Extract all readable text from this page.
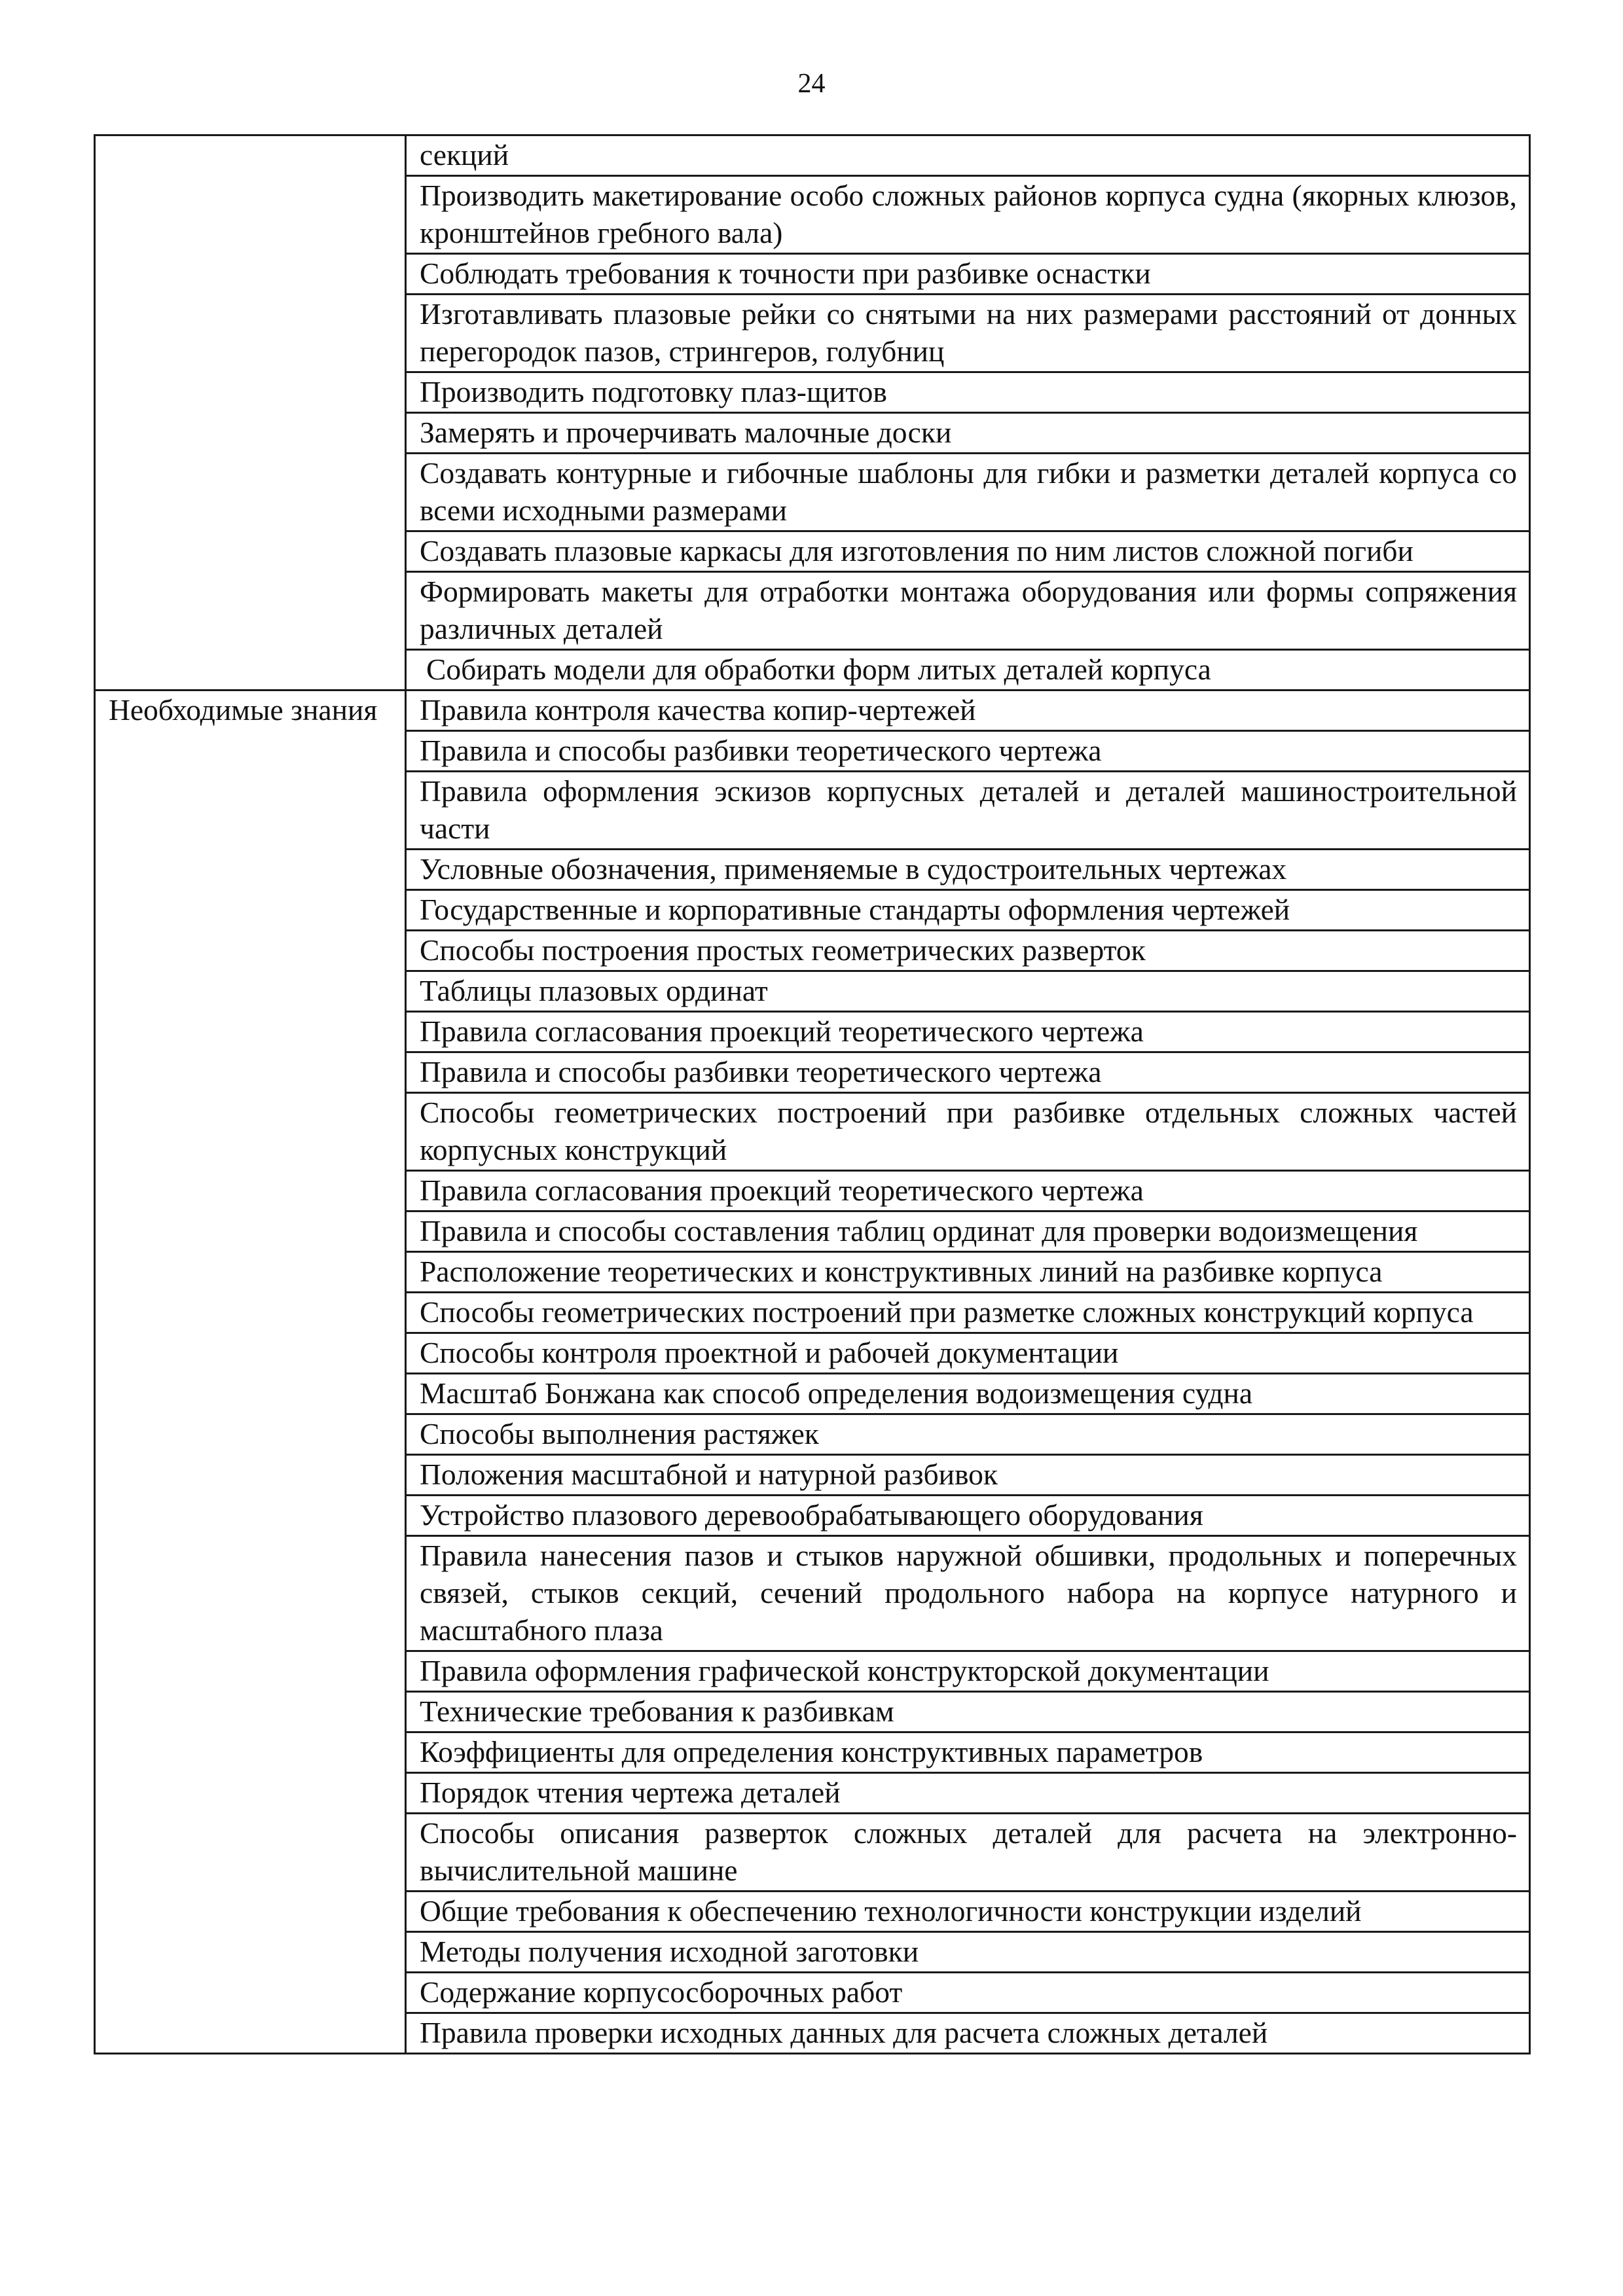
24
	секций
	Производить макетирование особо сложных районов корпуса судна (якорных клюзов, кронштейнов гребного вала)
	Соблюдать требования к точности при разбивке оснастки
	Изготавливать плазовые рейки со снятыми на них размерами расстояний от донных перегородок пазов, стрингеров, голубниц
	Производить подготовку плаз-щитов
	Замерять и прочерчивать малочные доски
	Создавать контурные и гибочные шаблоны для гибки и разметки деталей корпуса со всеми исходными размерами
	Создавать плазовые каркасы для изготовления по ним листов сложной погиби
	Формировать макеты для отработки монтажа оборудования или формы сопряжения различных деталей
	Собирать модели для обработки форм литых деталей корпуса
Необходимые знания	Правила контроля качества копир-чертежей
	Правила и способы разбивки теоретического чертежа
	Правила оформления эскизов корпусных деталей и деталей машиностроительной части
	Условные обозначения, применяемые в судостроительных чертежах
	Государственные и корпоративные стандарты оформления чертежей
	Способы построения простых геометрических разверток
	Таблицы плазовых ординат
	Правила согласования проекций теоретического чертежа
	Правила и способы разбивки теоретического чертежа
	Способы геометрических построений при разбивке отдельных сложных частей корпусных конструкций
	Правила согласования проекций теоретического чертежа
	Правила и способы составления таблиц ординат для проверки водоизмещения
	Расположение теоретических и конструктивных линий на разбивке корпуса
	Способы геометрических построений при разметке сложных конструкций корпуса
	Способы контроля проектной и рабочей документации
	Масштаб Бонжана как способ определения водоизмещения судна
	Способы выполнения растяжек
	Положения масштабной и натурной разбивок
	Устройство плазового деревообрабатывающего оборудования
	Правила нанесения пазов и стыков наружной обшивки, продольных и поперечных связей, стыков секций, сечений продольного набора на корпусе натурного и масштабного плаза
	Правила оформления графической конструкторской документации
	Технические требования к разбивкам
	Коэффициенты для определения конструктивных параметров
	Порядок чтения чертежа деталей
	Способы описания разверток сложных деталей для расчета на электронно-вычислительной машине
	Общие требования к обеспечению технологичности конструкции изделий
	Методы получения исходной заготовки
	Содержание корпусосборочных работ
	Правила проверки исходных данных для расчета сложных деталей
